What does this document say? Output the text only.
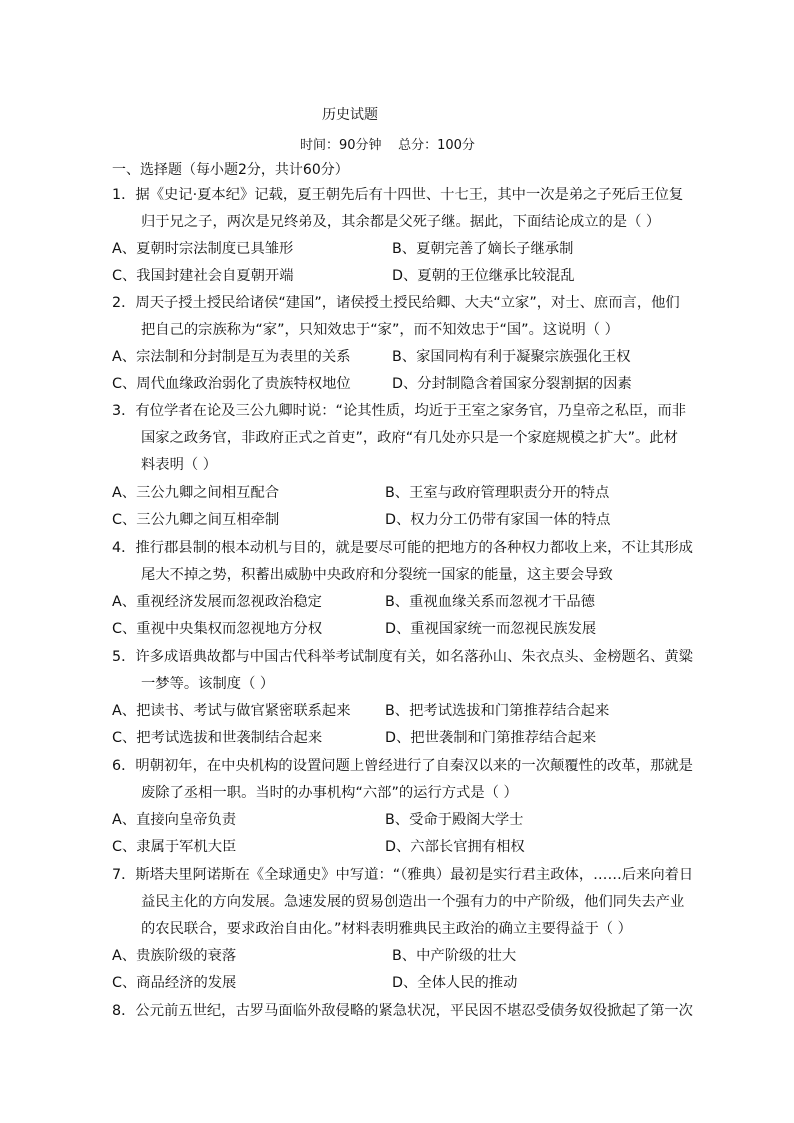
历史试题
时间：90分钟    总分：100分
一、选择题（每小题2分，共计60分）
1．据《史记·夏本纪》记载，夏王朝先后有十四世、十七王，其中一次是弟之子死后王位复
归于兄之子，两次是兄终弟及，其余都是父死子继。据此，下面结论成立的是（ ）
A、夏朝时宗法制度已具雏形	B、夏朝完善了嫡长子继承制
C、我国封建社会自夏朝开端	D、夏朝的王位继承比较混乱
2．周天子授土授民给诸侯“建国”，诸侯授土授民给卿、大夫“立家”，对士、庶而言，他们
把自己的宗族称为“家”，只知效忠于“家”，而不知效忠于“国”。这说明（ ）
A、宗法制和分封制是互为表里的关系	B、家国同构有利于凝聚宗族强化王权
C、周代血缘政治弱化了贵族特权地位	D、分封制隐含着国家分裂割据的因素
3．有位学者在论及三公九卿时说：“论其性质，均近于王室之家务官，乃皇帝之私臣，而非
国家之政务官，非政府正式之首吏”，政府“有几处亦只是一个家庭规模之扩大”。此材
料表明（ ）
A、三公九卿之间相互配合	B、王室与政府管理职责分开的特点
C、三公九卿之间互相牵制	D、权力分工仍带有家国一体的特点
4．推行郡县制的根本动机与目的，就是要尽可能的把地方的各种权力都收上来，不让其形成
尾大不掉之势，积蓄出威胁中央政府和分裂统一国家的能量，这主要会导致
A、重视经济发展而忽视政治稳定	B、重视血缘关系而忽视才干品德
C、重视中央集权而忽视地方分权	D、重视国家统一而忽视民族发展
5．许多成语典故都与中国古代科举考试制度有关，如名落孙山、朱衣点头、金榜题名、黄粱
一梦等。该制度（ ）
A、把读书、考试与做官紧密联系起来 B、把考试选拔和门第推荐结合起来
C、把考试选拔和世袭制结合起来	D、把世袭制和门第推荐结合起来
6．明朝初年，在中央机构的设置问题上曾经进行了自秦汉以来的一次颠覆性的改革，那就是
废除了丞相一职。当时的办事机构“六部”的运行方式是（ ）
A、直接向皇帝负责	B、受命于殿阁大学士
C、隶属于军机大臣	D、六部长官拥有相权
7．斯塔夫里阿诺斯在《全球通史》中写道：“（雅典）最初是实行君主政体，……后来向着日
益民主化的方向发展。急速发展的贸易创造出一个强有力的中产阶级，他们同失去产业
的农民联合，要求政治自由化。”材料表明雅典民主政治的确立主要得益于（ ）
A、贵族阶级的衰落	B、中产阶级的壮大
C、商品经济的发展	D、全体人民的推动
8．公元前五世纪，古罗马面临外敌侵略的紧急状况，平民因不堪忍受债务奴役掀起了第一次
